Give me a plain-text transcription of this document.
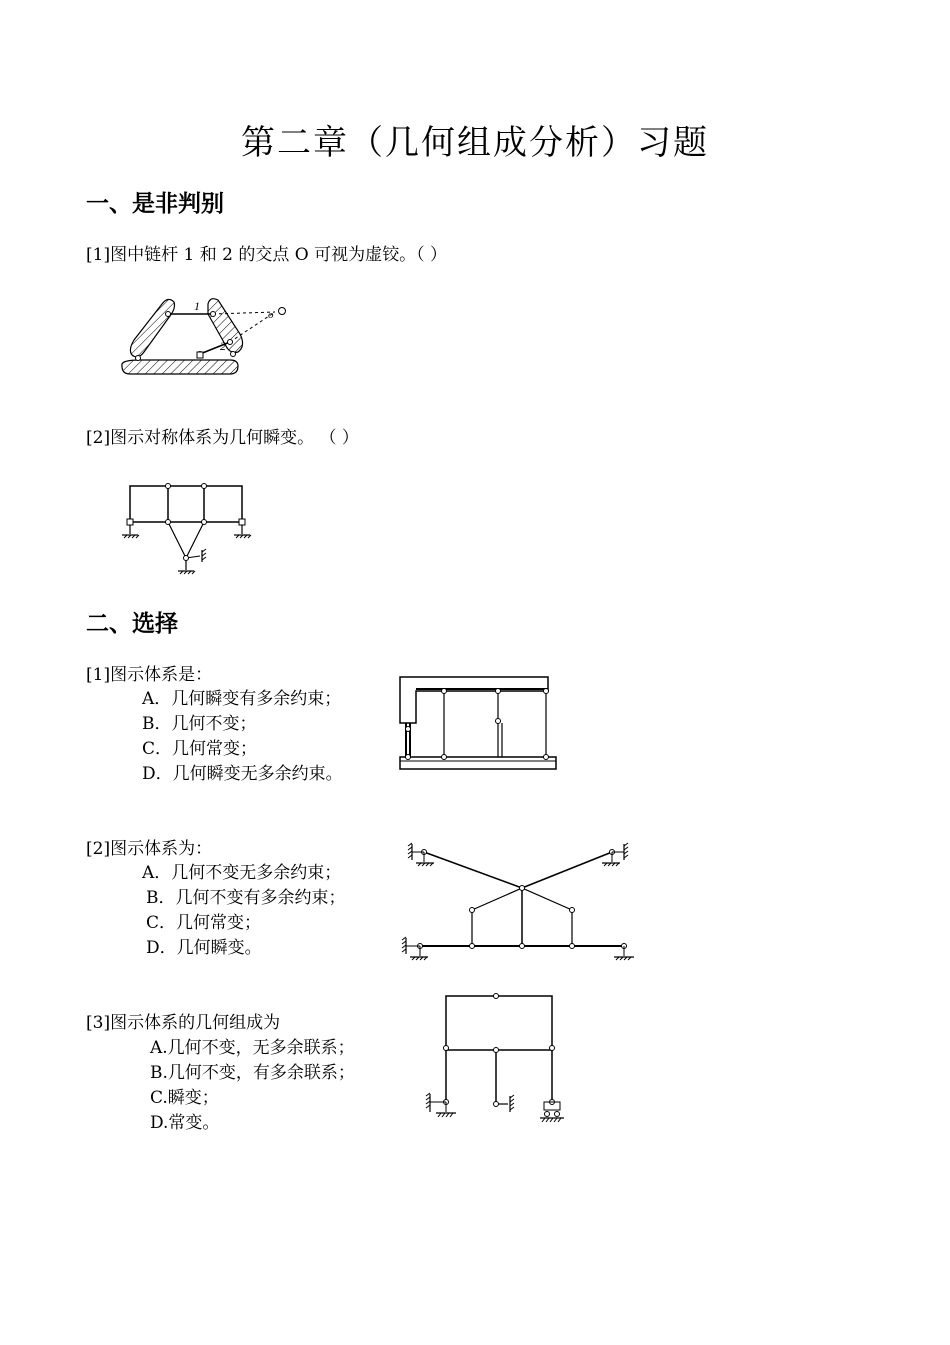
第二章（几何组成分析）习题
一、是非判别
[1]图中链杆 1 和 2 的交点 O 可视为虚铰。（ ）
1
2
o
[2]图示对称体系为几何瞬变。 （ ）
二、选择
[1]图示体系是：
A．几何瞬变有多余约束；
B．几何不变；
C．几何常变；
D．几何瞬变无多余约束。
[2]图示体系为：
A．几何不变无多余约束；
B．几何不变有多余约束；
C．几何常变；
D．几何瞬变。
[3]图示体系的几何组成为
A.几何不变，无多余联系；
B.几何不变，有多余联系；
C.瞬变；
D.常变。
